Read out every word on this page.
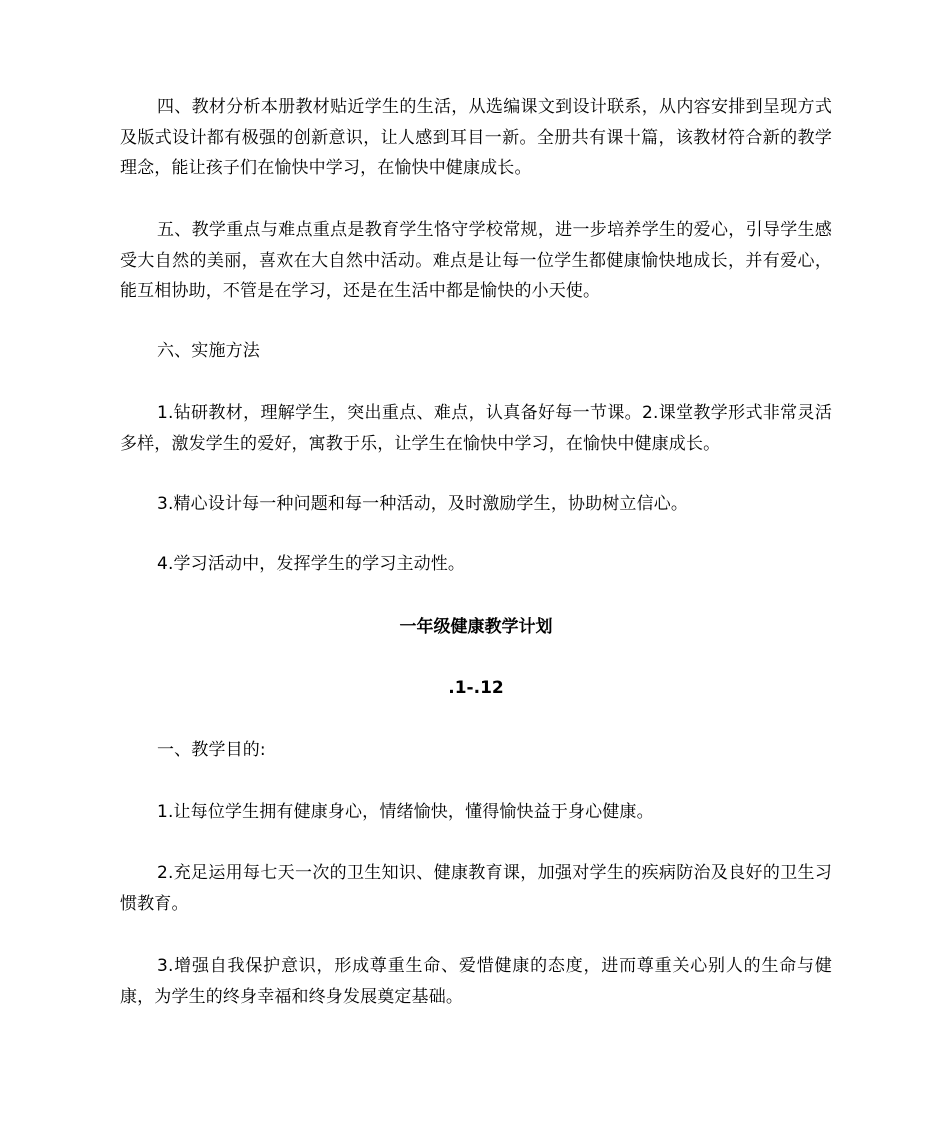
四、教材分析本册教材贴近学生的生活，从选编课文到设计联系，从内容安排到呈现方式及版式设计都有极强的创新意识，让人感到耳目一新。全册共有课十篇，该教材符合新的教学理念，能让孩子们在愉快中学习，在愉快中健康成长。

五、教学重点与难点重点是教育学生恪守学校常规，进一步培养学生的爱心，引导学生感受大自然的美丽，喜欢在大自然中活动。难点是让每一位学生都健康愉快地成长，并有爱心，能互相协助，不管是在学习，还是在生活中都是愉快的小天使。

六、实施方法

1.钻研教材，理解学生，突出重点、难点，认真备好每一节课。2.课堂教学形式非常灵活多样，激发学生的爱好，寓教于乐，让学生在愉快中学习，在愉快中健康成长。

3.精心设计每一种问题和每一种活动，及时激励学生，协助树立信心。

4.学习活动中，发挥学生的学习主动性。

一年级健康教学计划

.1-.12

一、教学目的:

1.让每位学生拥有健康身心，情绪愉快，懂得愉快益于身心健康。

2.充足运用每七天一次的卫生知识、健康教育课，加强对学生的疾病防治及良好的卫生习惯教育。

3.增强自我保护意识，形成尊重生命、爱惜健康的态度，进而尊重关心别人的生命与健康，为学生的终身幸福和终身发展奠定基础。
